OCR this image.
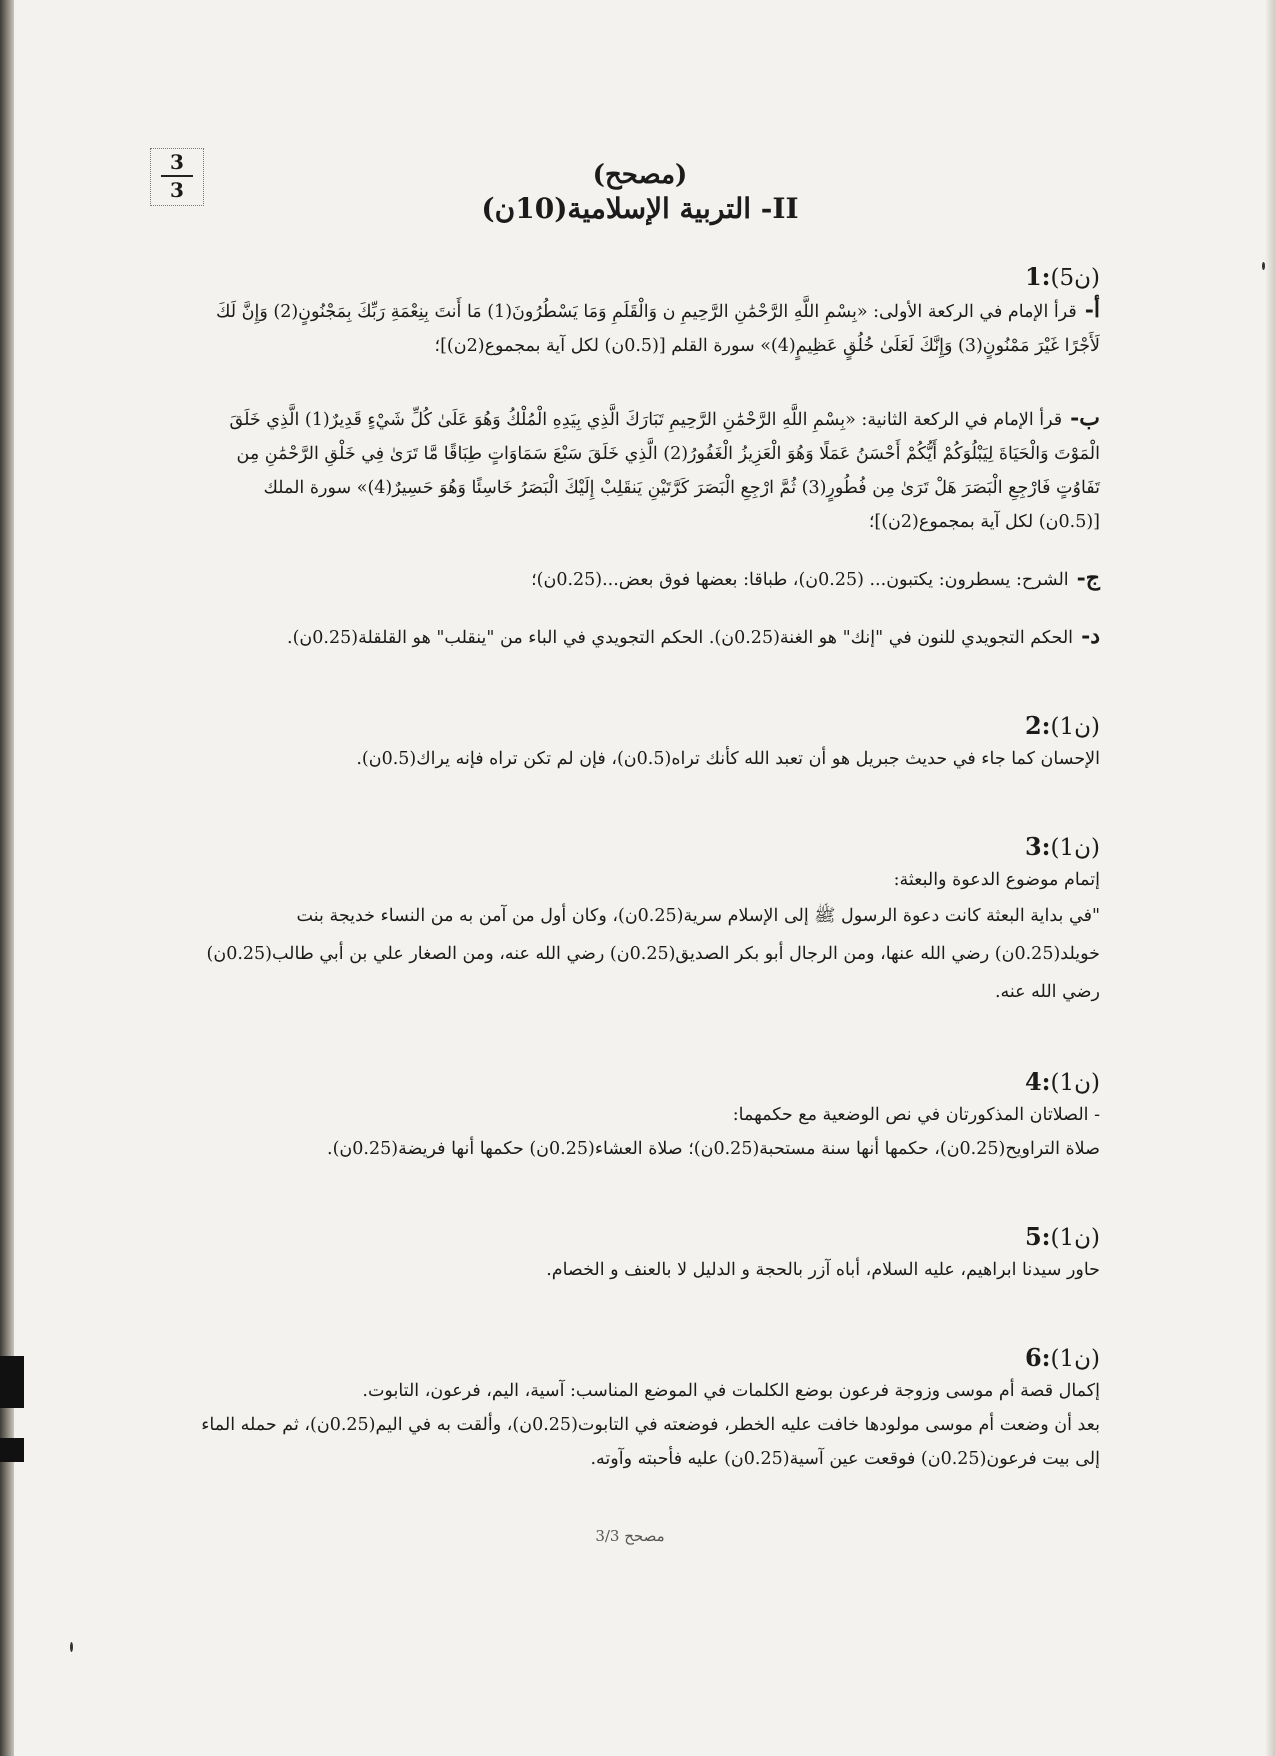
3
3	(مصحح)
II- التربية الإسلامية(10ن)
1:(5ن)

أ-قرأ الإمام في الركعة الأولى: «بِسْمِ اللَّهِ الرَّحْمَٰنِ الرَّحِيمِ ن وَالْقَلَمِ وَمَا يَسْطُرُونَ(1) مَا أَنتَ بِنِعْمَةِ رَبِّكَ بِمَجْنُونٍ(2) وَإِنَّ لَكَ لَأَجْرًا غَيْرَ مَمْنُونٍ(3) وَإِنَّكَ لَعَلَىٰ خُلُقٍ عَظِيمٍ(4)» سورة القلم [(0.5ن) لكل آية بمجموع(2ن)]؛

ب-قرأ الإمام في الركعة الثانية: «بِسْمِ اللَّهِ الرَّحْمَٰنِ الرَّحِيمِ تَبَارَكَ الَّذِي بِيَدِهِ الْمُلْكُ وَهُوَ عَلَىٰ كُلِّ شَيْءٍ قَدِيرٌ(1) الَّذِي خَلَقَ الْمَوْتَ وَالْحَيَاةَ لِيَبْلُوَكُمْ أَيُّكُمْ أَحْسَنُ عَمَلًا وَهُوَ الْعَزِيزُ الْغَفُورُ(2) الَّذِي خَلَقَ سَبْعَ سَمَاوَاتٍ طِبَاقًا مَّا تَرَىٰ فِي خَلْقِ الرَّحْمَٰنِ مِن تَفَاوُتٍ فَارْجِعِ الْبَصَرَ هَلْ تَرَىٰ مِن فُطُورٍ(3) ثُمَّ ارْجِعِ الْبَصَرَ كَرَّتَيْنِ يَنقَلِبْ إِلَيْكَ الْبَصَرُ خَاسِئًا وَهُوَ حَسِيرٌ(4)» سورة الملك [(0.5ن) لكل آية بمجموع(2ن)]؛

ج-الشرح: يسطرون: يكتبون... (0.25ن)، طباقا: بعضها فوق بعض...(0.25ن)؛

د-الحكم التجويدي للنون في "إنك" هو الغنة(0.25ن). الحكم التجويدي في الباء من "ينقلب" هو القلقلة(0.25ن).

2:(1ن)

الإحسان كما جاء في حديث جبريل هو أن تعبد الله كأنك تراه(0.5ن)، فإن لم تكن تراه فإنه يراك(0.5ن).

3:(1ن)

إتمام موضوع الدعوة والبعثة:

"في بداية البعثة كانت دعوة الرسول ﷺ إلى الإسلام سرية(0.25ن)، وكان أول من آمن به من النساء خديجة بنت خويلد(0.25ن) رضي الله عنها، ومن الرجال أبو بكر الصديق(0.25ن) رضي الله عنه، ومن الصغار علي بن أبي طالب(0.25ن) رضي الله عنه.

4:(1ن)

- الصلاتان المذكورتان في نص الوضعية مع حكمهما:

صلاة التراويح(0.25ن)، حكمها أنها سنة مستحبة(0.25ن)؛ صلاة العشاء(0.25ن) حكمها أنها فريضة(0.25ن).

5:(1ن)

حاور سيدنا ابراهيم، عليه السلام، أباه آزر بالحجة و الدليل لا بالعنف و الخصام.

6:(1ن)

إكمال قصة أم موسى وزوجة فرعون بوضع الكلمات في الموضع المناسب: آسية، اليم، فرعون، التابوت.

بعد أن وضعت أم موسى مولودها خافت عليه الخطر، فوضعته في التابوت(0.25ن)، وألقت به في اليم(0.25ن)، ثم حمله الماء إلى بيت فرعون(0.25ن) فوقعت عين آسية(0.25ن) عليه فأحبته وآوته.

مصحح 3/3
